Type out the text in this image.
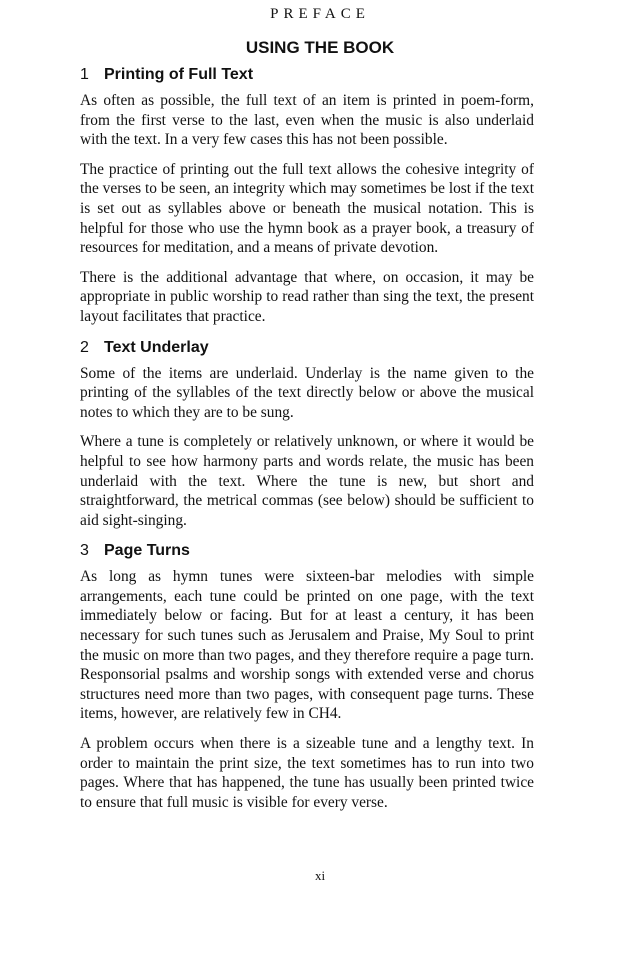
PREFACE
USING THE BOOK
1 Printing of Full Text

As often as possible, the full text of an item is printed in poem-form, from the first verse to the last, even when the music is also underlaid with the text. In a very few cases this has not been possible.

The practice of printing out the full text allows the cohesive integrity of the verses to be seen, an integrity which may sometimes be lost if the text is set out as syllables above or beneath the musical notation. This is helpful for those who use the hymn book as a prayer book, a treasury of resources for meditation, and a means of private devotion.

There is the additional advantage that where, on occasion, it may be appropriate in public worship to read rather than sing the text, the present layout facilitates that practice.

2 Text Underlay

Some of the items are underlaid. Underlay is the name given to the printing of the syllables of the text directly below or above the musical notes to which they are to be sung.

Where a tune is completely or relatively unknown, or where it would be helpful to see how harmony parts and words relate, the music has been underlaid with the text. Where the tune is new, but short and straightforward, the metrical commas (see below) should be sufficient to aid sight-singing.

3 Page Turns

As long as hymn tunes were sixteen-bar melodies with simple arrangements, each tune could be printed on one page, with the text immediately below or facing. But for at least a century, it has been necessary for such tunes such as Jerusalem and Praise, My Soul to print the music on more than two pages, and they therefore require a page turn. Responsorial psalms and worship songs with extended verse and chorus structures need more than two pages, with consequent page turns. These items, however, are relatively few in CH4.

A problem occurs when there is a sizeable tune and a lengthy text. In order to maintain the print size, the text sometimes has to run into two pages. Where that has happened, the tune has usually been printed twice to ensure that full music is visible for every verse.

xi
